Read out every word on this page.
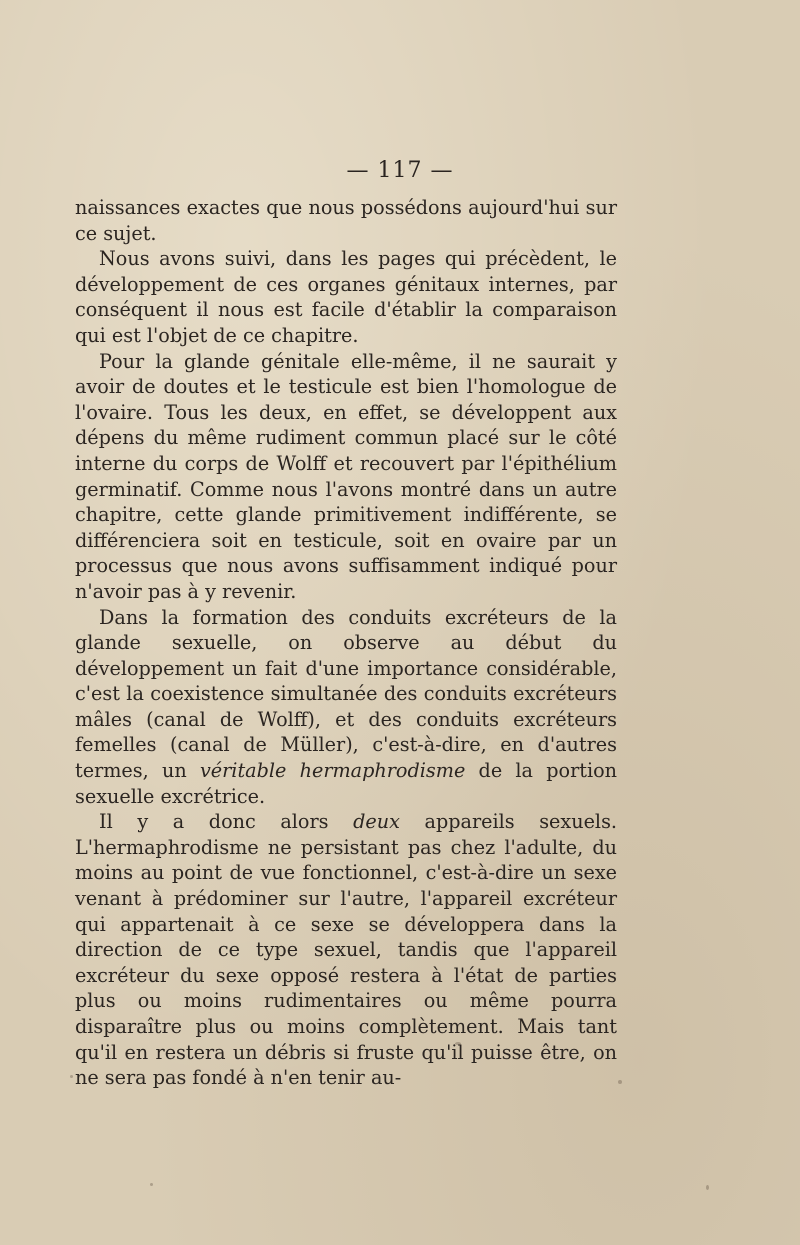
— 117 —

naissances exactes que nous possédons aujourd'hui sur ce sujet.

Nous avons suivi, dans les pages qui précèdent, le développement de ces organes génitaux internes, par conséquent il nous est facile d'établir la comparaison qui est l'objet de ce chapitre.

Pour la glande génitale elle-même, il ne saurait y avoir de doutes et le testicule est bien l'homologue de l'ovaire. Tous les deux, en effet, se développent aux dépens du même rudiment commun placé sur le côté interne du corps de Wolff et recouvert par l'épithélium germinatif. Comme nous l'avons montré dans un autre chapitre, cette glande primitivement indifférente, se différenciera soit en testicule, soit en ovaire par un processus que nous avons suffisamment indiqué pour n'avoir pas à y revenir.

Dans la formation des conduits excréteurs de la glande sexuelle, on observe au début du développement un fait d'une importance considérable, c'est la coexistence simultanée des conduits excréteurs mâles (canal de Wolff), et des conduits excréteurs femelles (canal de Müller), c'est-à-dire, en d'autres termes, un véritable hermaphrodisme de la portion sexuelle excrétrice.

Il y a donc alors deux appareils sexuels. L'hermaphrodisme ne persistant pas chez l'adulte, du moins au point de vue fonctionnel, c'est-à-dire un sexe venant à prédominer sur l'autre, l'appareil excréteur qui appartenait à ce sexe se développera dans la direction de ce type sexuel, tandis que l'appareil excréteur du sexe opposé restera à l'état de parties plus ou moins rudimentaires ou même pourra disparaître plus ou moins complètement. Mais tant qu'il en restera un débris si fruste qu'il puisse être, on ne sera pas fondé à n'en tenir au-
